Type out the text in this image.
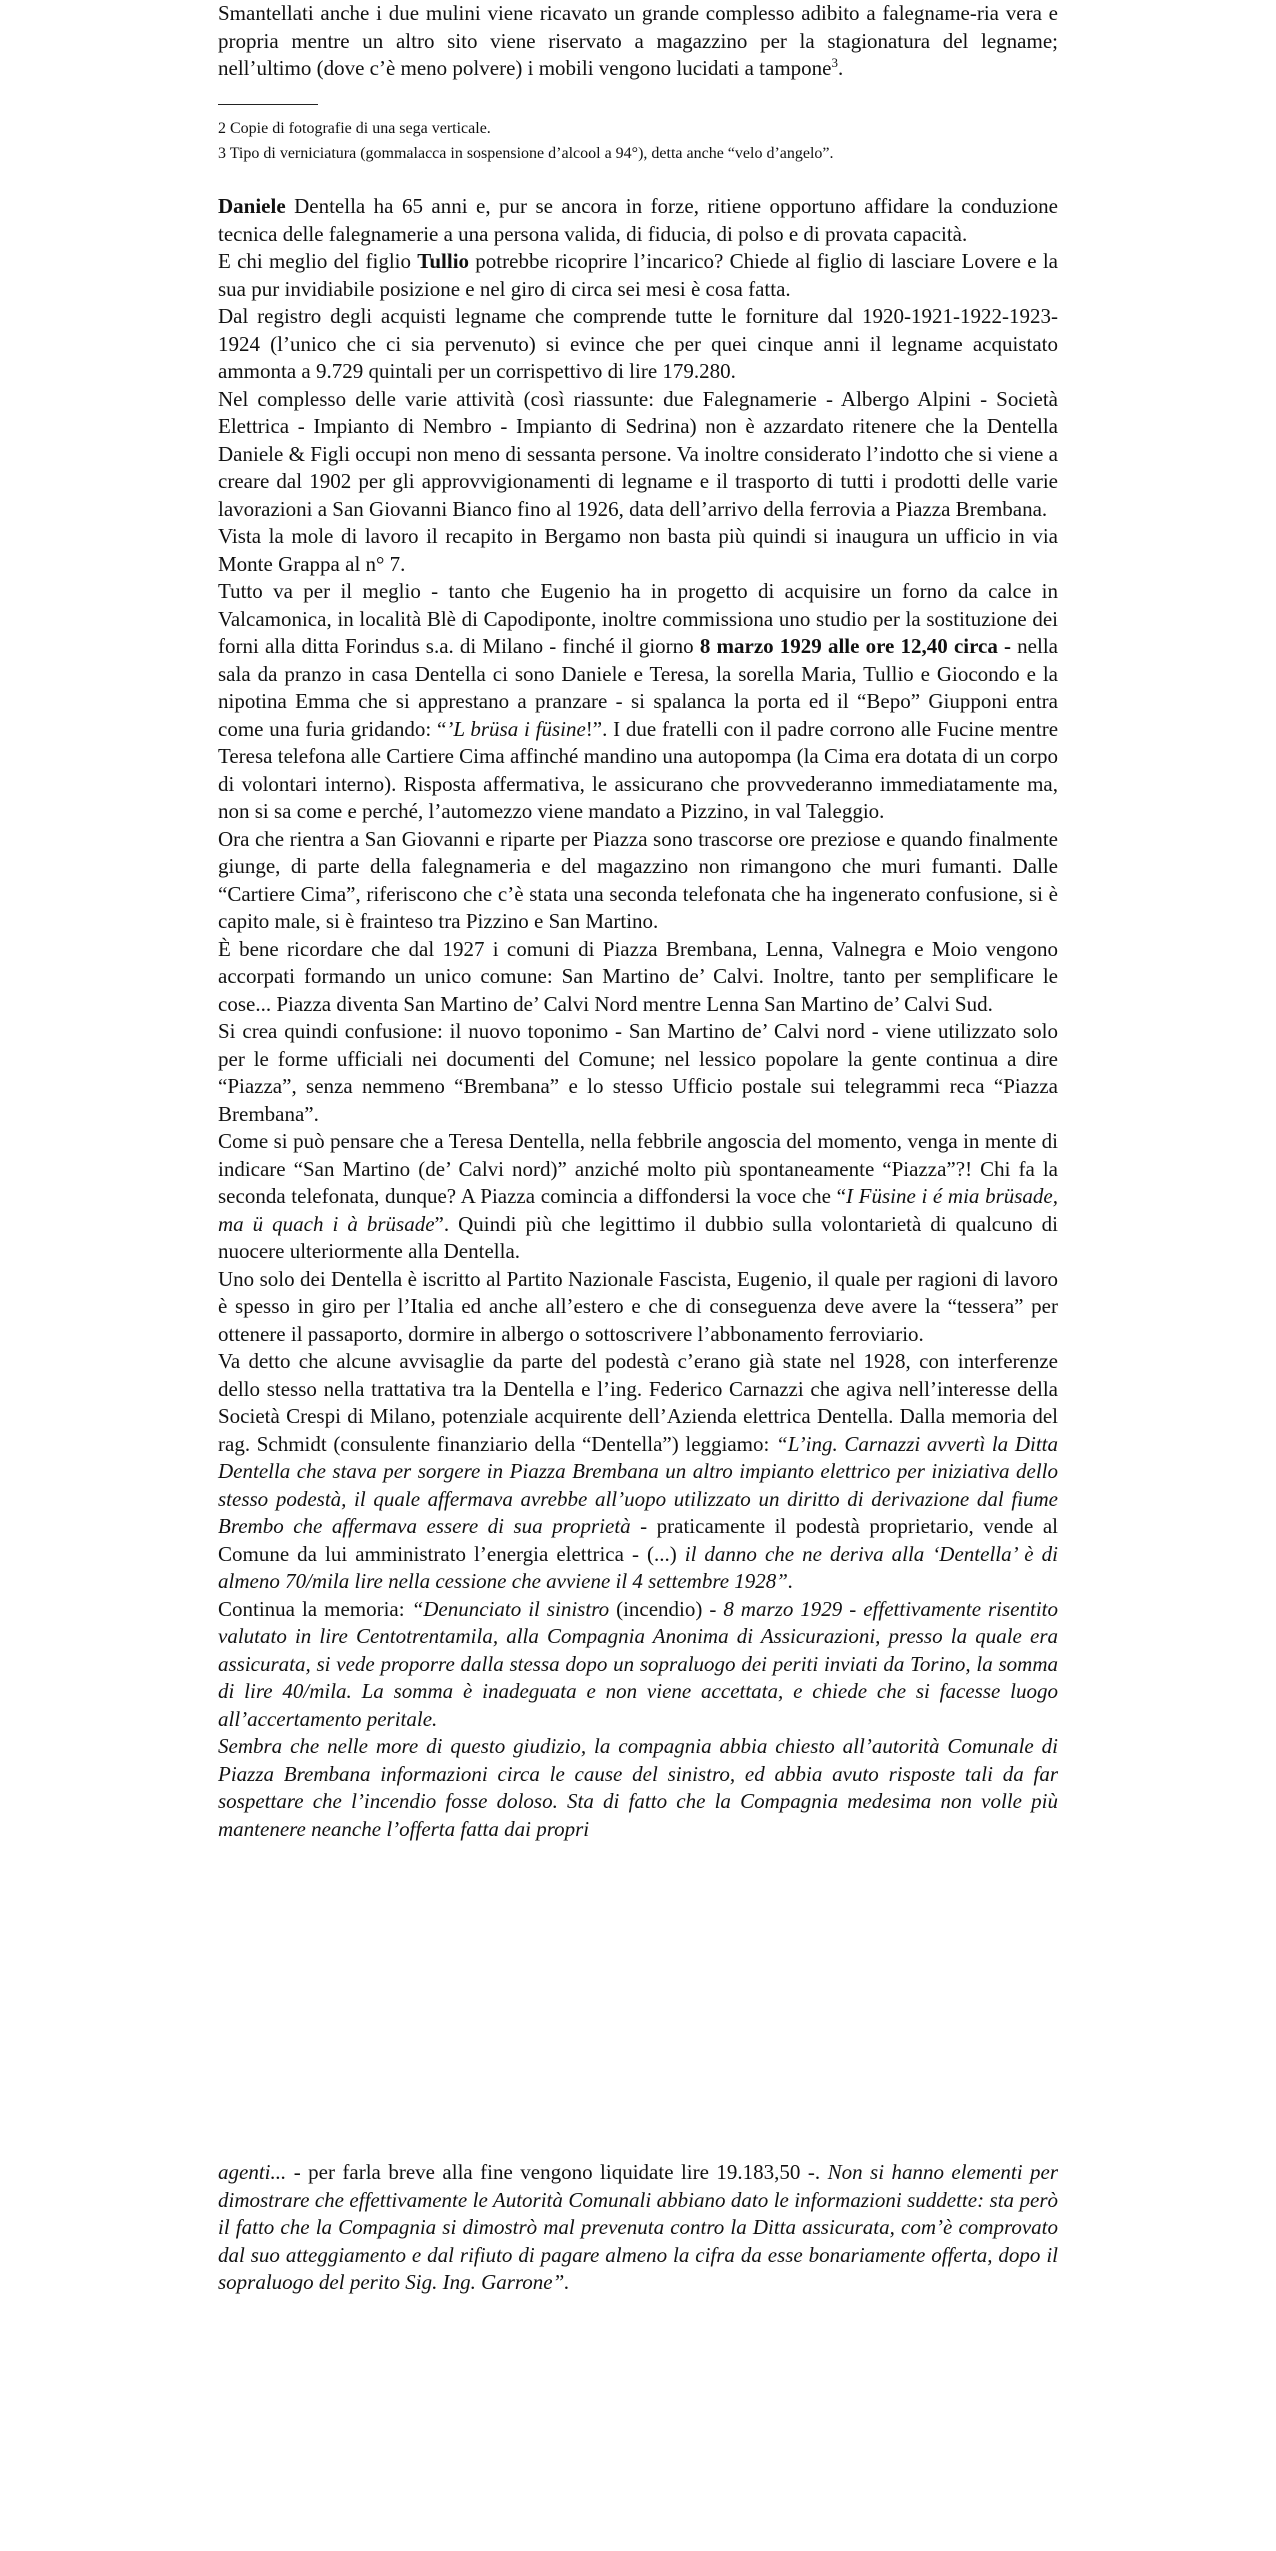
Smantellati anche i due mulini viene ricavato un grande complesso adibito a falegname-ria vera e propria mentre un altro sito viene riservato a magazzino per la stagionatura del legname; nell’ultimo (dove c’è meno polvere) i mobili vengono lucidati a tampone$^3$.

2 Copie di fotografie di una sega verticale.

3 Tipo di verniciatura (gommalacca in sospensione d’alcool a 94°), detta anche “velo d’angelo”.

Daniele Dentella ha 65 anni e, pur se ancora in forze, ritiene opportuno affidare la conduzione tecnica delle falegnamerie a una persona valida, di fiducia, di polso e di provata capacità.

E chi meglio del figlio Tullio potrebbe ricoprire l’incarico? Chiede al figlio di lasciare Lovere e la sua pur invidiabile posizione e nel giro di circa sei mesi è cosa fatta.

Dal registro degli acquisti legname che comprende tutte le forniture dal 1920-1921-1922-1923-1924 (l’unico che ci sia pervenuto) si evince che per quei cinque anni il legname acquistato ammonta a 9.729 quintali per un corrispettivo di lire 179.280.

Nel complesso delle varie attività (così riassunte: due Falegnamerie - Albergo Alpini - Società Elettrica - Impianto di Nembro - Impianto di Sedrina) non è azzardato ritenere che la Dentella Daniele & Figli occupi non meno di sessanta persone. Va inoltre considerato l’indotto che si viene a creare dal 1902 per gli approvvigionamenti di legname e il trasporto di tutti i prodotti delle varie lavorazioni a San Giovanni Bianco fino al 1926, data dell’arrivo della ferrovia a Piazza Brembana.

Vista la mole di lavoro il recapito in Bergamo non basta più quindi si inaugura un ufficio in via Monte Grappa al n° 7.

Tutto va per il meglio - tanto che Eugenio ha in progetto di acquisire un forno da calce in Valcamonica, in località Blè di Capodiponte, inoltre commissiona uno studio per la sostituzione dei forni alla ditta Forindus s.a. di Milano - finché il giorno 8 marzo 1929 alle ore 12,40 circa - nella sala da pranzo in casa Dentella ci sono Daniele e Teresa, la sorella Maria, Tullio e Giocondo e la nipotina Emma che si apprestano a pranzare - si spalanca la porta ed il “Bepo” Giupponi entra come una furia gridando: “’L brüsa i füsine!”. I due fratelli con il padre corrono alle Fucine mentre Teresa telefona alle Cartiere Cima affinché mandino una autopompa (la Cima era dotata di un corpo di volontari interno). Risposta affermativa, le assicurano che provvederanno immediatamente ma, non si sa come e perché, l’automezzo viene mandato a Pizzino, in val Taleggio.

Ora che rientra a San Giovanni e riparte per Piazza sono trascorse ore preziose e quando finalmente giunge, di parte della falegnameria e del magazzino non rimangono che muri fumanti. Dalle “Cartiere Cima”, riferiscono che c’è stata una seconda telefonata che ha ingenerato confusione, si è capito male, si è frainteso tra Pizzino e San Martino.

È bene ricordare che dal 1927 i comuni di Piazza Brembana, Lenna, Valnegra e Moio vengono accorpati formando un unico comune: San Martino de’ Calvi. Inoltre, tanto per semplificare le cose... Piazza diventa San Martino de’ Calvi Nord mentre Lenna San Martino de’ Calvi Sud.

Si crea quindi confusione: il nuovo toponimo - San Martino de’ Calvi nord - viene utilizzato solo per le forme ufficiali nei documenti del Comune; nel lessico popolare la gente continua a dire “Piazza”, senza nemmeno “Brembana” e lo stesso Ufficio postale sui telegrammi reca “Piazza Brembana”.

Come si può pensare che a Teresa Dentella, nella febbrile angoscia del momento, venga in mente di indicare “San Martino (de’ Calvi nord)” anziché molto più spontaneamente “Piazza”?! Chi fa la seconda telefonata, dunque? A Piazza comincia a diffondersi la voce che “I Füsine i é mia brüsade, ma ü quach i à brüsade”. Quindi più che legittimo il dubbio sulla volontarietà di qualcuno di nuocere ulteriormente alla Dentella.

Uno solo dei Dentella è iscritto al Partito Nazionale Fascista, Eugenio, il quale per ragioni di lavoro è spesso in giro per l’Italia ed anche all’estero e che di conseguenza deve avere la “tessera” per ottenere il passaporto, dormire in albergo o sottoscrivere l’abbonamento ferroviario.

Va detto che alcune avvisaglie da parte del podestà c’erano già state nel 1928, con interferenze dello stesso nella trattativa tra la Dentella e l’ing. Federico Carnazzi che agiva nell’interesse della Società Crespi di Milano, potenziale acquirente dell’Azienda elettrica Dentella. Dalla memoria del rag. Schmidt (consulente finanziario della “Dentella”) leggiamo: “L’ing. Carnazzi avvertì la Ditta Dentella che stava per sorgere in Piazza Brembana un altro impianto elettrico per iniziativa dello stesso podestà, il quale affermava avrebbe all’uopo utilizzato un diritto di derivazione dal fiume Brembo che affermava essere di sua proprietà - praticamente il podestà proprietario, vende al Comune da lui amministrato l’energia elettrica - (...) il danno che ne deriva alla ‘Dentella’ è di almeno 70/mila lire nella cessione che avviene il 4 settembre 1928”.

Continua la memoria: “Denunciato il sinistro (incendio) - 8 marzo 1929 - effettivamente risentito valutato in lire Centotrentamila, alla Compagnia Anonima di Assicurazioni, presso la quale era assicurata, si vede proporre dalla stessa dopo un sopraluogo dei periti inviati da Torino, la somma di lire 40/mila. La somma è inadeguata e non viene accettata, e chiede che si facesse luogo all’accertamento peritale.

Sembra che nelle more di questo giudizio, la compagnia abbia chiesto all’autorità Comunale di Piazza Brembana informazioni circa le cause del sinistro, ed abbia avuto risposte tali da far sospettare che l’incendio fosse doloso. Sta di fatto che la Compagnia medesima non volle più mantenere neanche l’offerta fatta dai propri

agenti... - per farla breve alla fine vengono liquidate lire 19.183,50 -. Non si hanno elementi per dimostrare che effettivamente le Autorità Comunali abbiano dato le informazioni suddette: sta però il fatto che la Compagnia si dimostrò mal prevenuta contro la Ditta assicurata, com’è comprovato dal suo atteggiamento e dal rifiuto di pagare almeno la cifra da esse bonariamente offerta, dopo il sopraluogo del perito Sig. Ing. Garrone”.
